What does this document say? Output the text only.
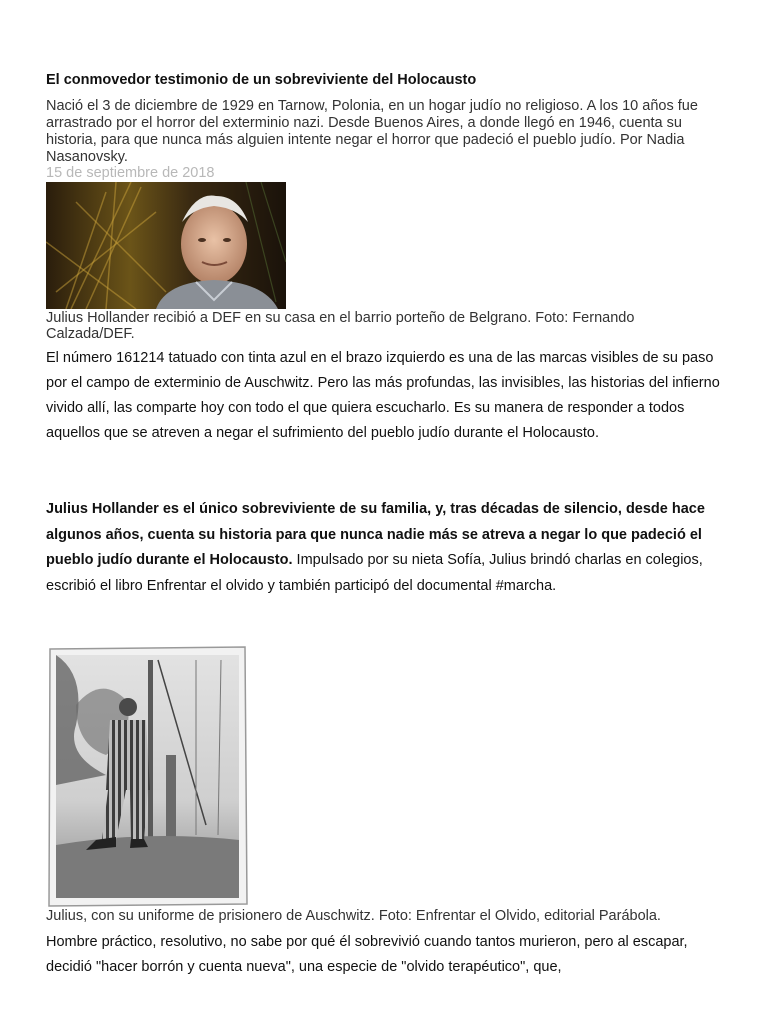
El conmovedor testimonio de un sobreviviente del Holocausto
Nació el 3 de diciembre de 1929 en Tarnow, Polonia, en un hogar judío no religioso. A los 10 años fue arrastrado por el horror del exterminio nazi. Desde Buenos Aires, a donde llegó en 1946, cuenta su historia, para que nunca más alguien intente negar el horror que padeció el pueblo judío. Por Nadia Nasanovsky.
15 de septiembre de 2018
Julius Hollander recibió a DEF en su casa en el barrio porteño de Belgrano. Foto: Fernando Calzada/DEF.
El número 161214 tatuado con tinta azul en el brazo izquierdo es una de las marcas visibles de su paso por el campo de exterminio de Auschwitz. Pero las más profundas, las invisibles, las historias del infierno vivido allí, las comparte hoy con todo el que quiera escucharlo. Es su manera de responder a todos aquellos que se atreven a negar el sufrimiento del pueblo judío durante el Holocausto.
Julius Hollander es el único sobreviviente de su familia, y, tras décadas de silencio, desde hace algunos años, cuenta su historia para que nunca nadie más se atreva a negar lo que padeció el pueblo judío durante el Holocausto. Impulsado por su nieta Sofía, Julius brindó charlas en colegios, escribió el libro Enfrentar el olvido y también participó del documental #marcha.
Julius, con su uniforme de prisionero de Auschwitz. Foto: Enfrentar el Olvido, editorial Parábola.
Hombre práctico, resolutivo, no sabe por qué él sobrevivió cuando tantos murieron, pero al escapar, decidió "hacer borrón y cuenta nueva", una especie de "olvido terapéutico", que,
